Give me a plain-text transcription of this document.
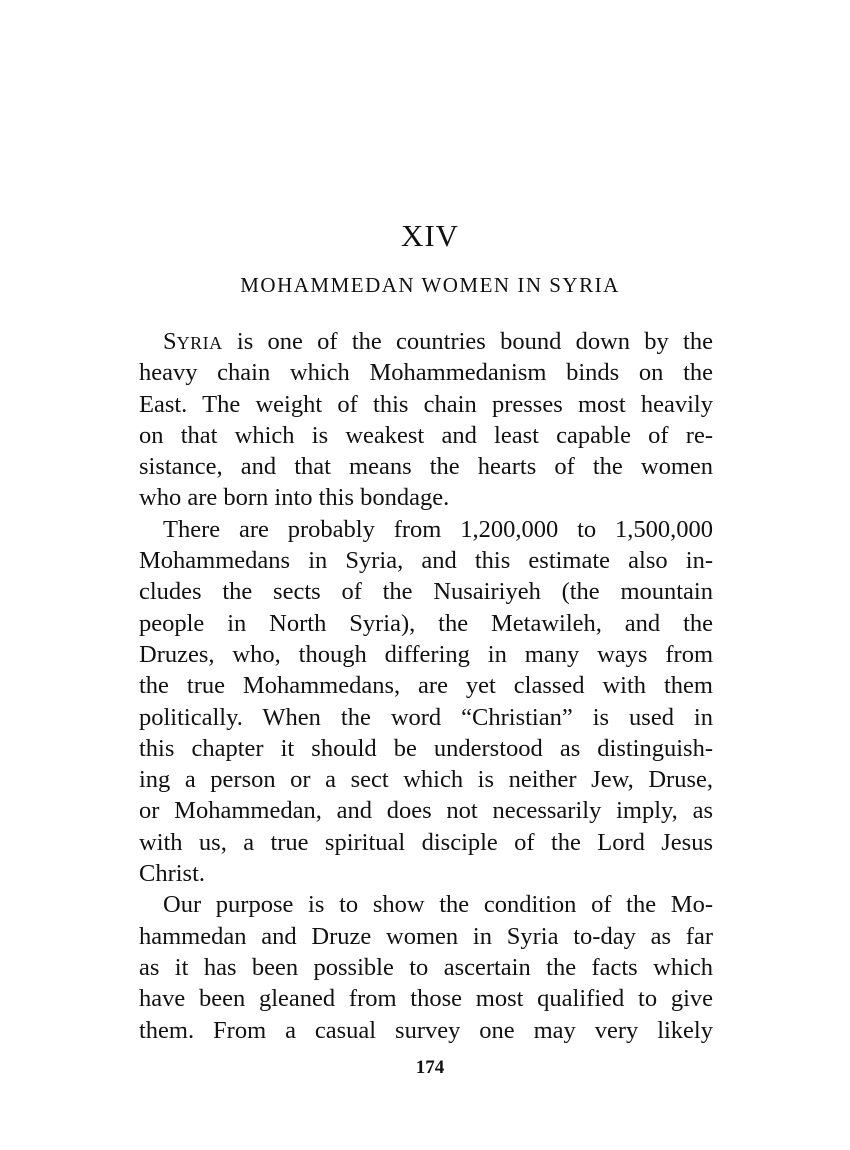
XIV
MOHAMMEDAN WOMEN IN SYRIA
SYRIA is one of the countries bound down by the
heavy chain which Mohammedanism binds on the
East. The weight of this chain presses most heavily
on that which is weakest and least capable of re-
sistance, and that means the hearts of the women
who are born into this bondage.
There are probably from 1,200,000 to 1,500,000
Mohammedans in Syria, and this estimate also in-
cludes the sects of the Nusairiyeh (the mountain
people in North Syria), the Metawileh, and the
Druzes, who, though differing in many ways from
the true Mohammedans, are yet classed with them
politically. When the word “Christian” is used in
this chapter it should be understood as distinguish-
ing a person or a sect which is neither Jew, Druse,
or Mohammedan, and does not necessarily imply, as
with us, a true spiritual disciple of the Lord Jesus
Christ.
Our purpose is to show the condition of the Mo-
hammedan and Druze women in Syria to-day as far
as it has been possible to ascertain the facts which
have been gleaned from those most qualified to give
them. From a casual survey one may very likely
174
